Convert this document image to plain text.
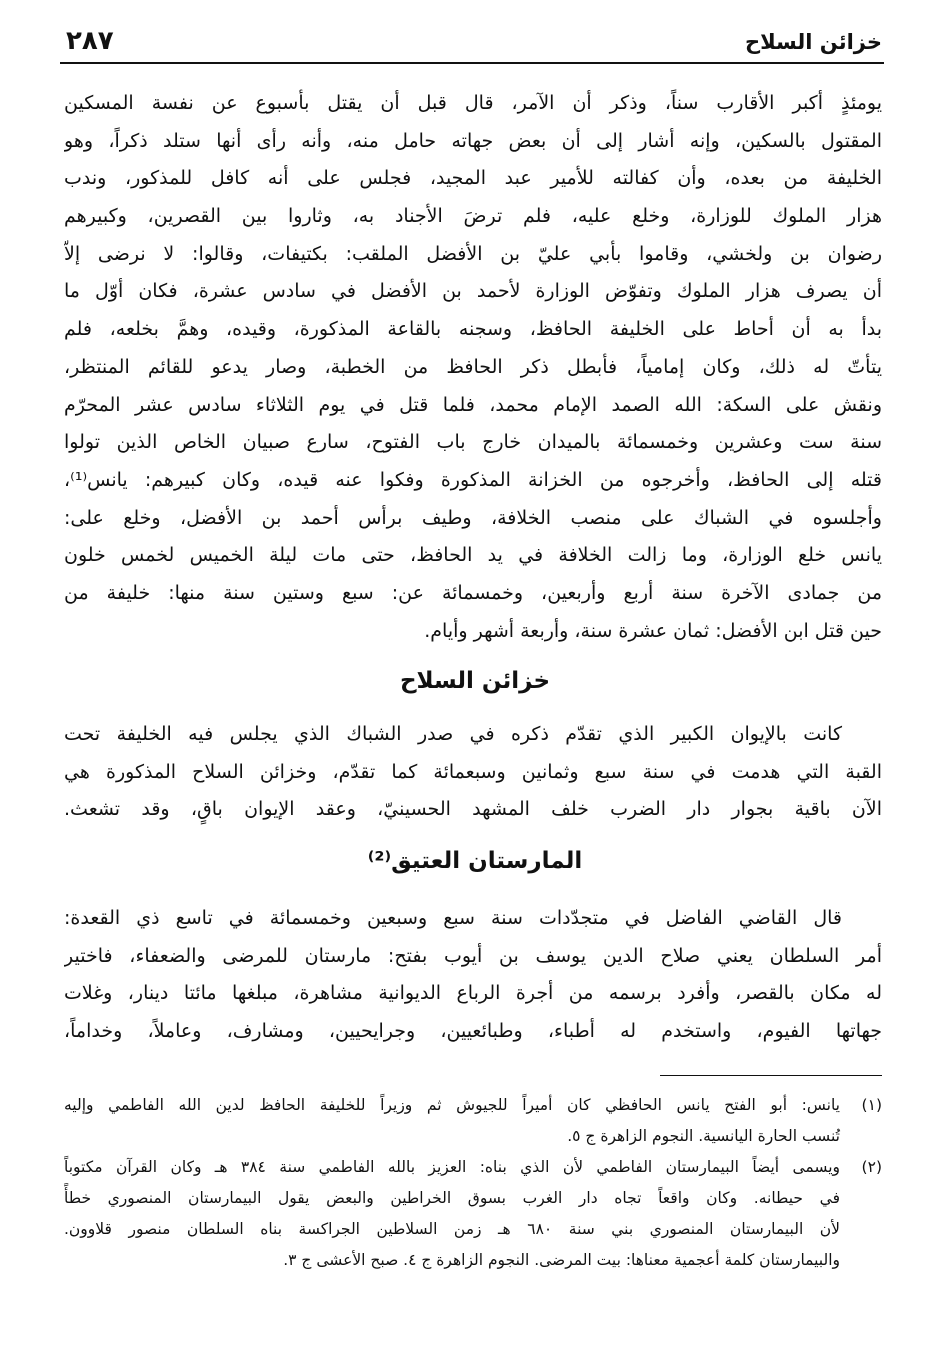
خزائن السلاح
٢٨٧
يومئذٍ أكبر الأقارب سناً، وذكر أن الآمر، قال قبل أن يقتل بأسبوع عن نفسة المسكين
المقتول بالسكين، وإنه أشار إلى أن بعض جهاته حامل منه، وأنه رأى أنها ستلد ذكراً، وهو
الخليفة من بعده، وأن كفالته للأمير عبد المجيد، فجلس على أنه كافل للمذكور، وندب
هزار الملوك للوزارة، وخلع عليه، فلم ترضَ الأجناد به، وثاروا بين القصرين، وكبيرهم
رضوان بن ولخشي، وقاموا بأبي عليّ بن الأفضل الملقب: بكتيفات، وقالوا: لا نرضى إلاّ
أن يصرف هزار الملوك وتفوّض الوزارة لأحمد بن الأفضل في سادس عشرة، فكان أوّل ما
بدأ به أن أحاط على الخليفة الحافظ، وسجنه بالقاعة المذكورة، وقيده، وهمَّ بخلعه، فلم
يتأتّ له ذلك، وكان إمامياً، فأبطل ذكر الحافظ من الخطبة، وصار يدعو للقائم المنتظر،
ونقش على السكة: الله الصمد الإمام محمد، فلما قتل في يوم الثلاثاء سادس عشر المحرّم
سنة ست وعشرين وخمسمائة بالميدان خارج باب الفتوح، سارع صبيان الخاص الذين تولوا
قتله إلى الحافظ، وأخرجوه من الخزانة المذكورة وفكوا عنه قيده، وكان كبيرهم: يانس⁽¹⁾،
وأجلسوه في الشباك على منصب الخلافة، وطيف برأس أحمد بن الأفضل، وخلع على:
يانس خلع الوزارة، وما زالت الخلافة في يد الحافظ، حتى مات ليلة الخميس لخمس خلون
من جمادى الآخرة سنة أربع وأربعين، وخمسمائة عن: سبع وستين سنة منها: خليفة من
حين قتل ابن الأفضل: ثمان عشرة سنة، وأربعة أشهر وأيام.
خزائن السلاح
كانت بالإيوان الكبير الذي تقدّم ذكره في صدر الشباك الذي يجلس فيه الخليفة تحت
القبة التي هدمت في سنة سبع وثمانين وسبعمائة كما تقدّم، وخزائن السلاح المذكورة هي
الآن باقية بجوار دار الضرب خلف المشهد الحسينيّ، وعقد الإيوان باقٍ، وقد تشعث.
المارستان العتيق⁽²⁾
قال القاضي الفاضل في متجدّدات سنة سبع وسبعين وخمسمائة في تاسع ذي القعدة:
أمر السلطان يعني صلاح الدين يوسف بن أيوب بفتح: مارستان للمرضى والضعفاء، فاختير
له مكان بالقصر، وأفرد برسمه من أجرة الرباع الديوانية مشاهرة، مبلغها مائتا دينار، وغلات
جهاتها الفيوم، واستخدم له أطباء، وطبائعيين، وجرايحيين، ومشارف، وعاملاً، وخداماً،
(١)يانس: أبو الفتح يانس الحافظي كان أميراً للجيوش ثم وزيراً للخليفة الحافظ لدين الله الفاطمي وإليه
تُنسب الحارة اليانسية. النجوم الزاهرة ج ٥.
(٢)ويسمى أيضاً البيمارستان الفاطمي لأن الذي بناه: العزيز بالله الفاطمي سنة ٣٨٤ هـ وكان القرآن مكتوباً
في حيطانه. وكان واقعاً تجاه دار الغرب بسوق الخراطين والبعض يقول البيمارستان المنصوري خطأً
لأن البيمارستان المنصوري بني سنة ٦٨٠ هـ زمن السلاطين الجراكسة بناه السلطان منصور قلاوون.
والبيمارستان كلمة أعجمية معناها: بيت المرضى. النجوم الزاهرة ج ٤. صبح الأعشى ج ٣.
